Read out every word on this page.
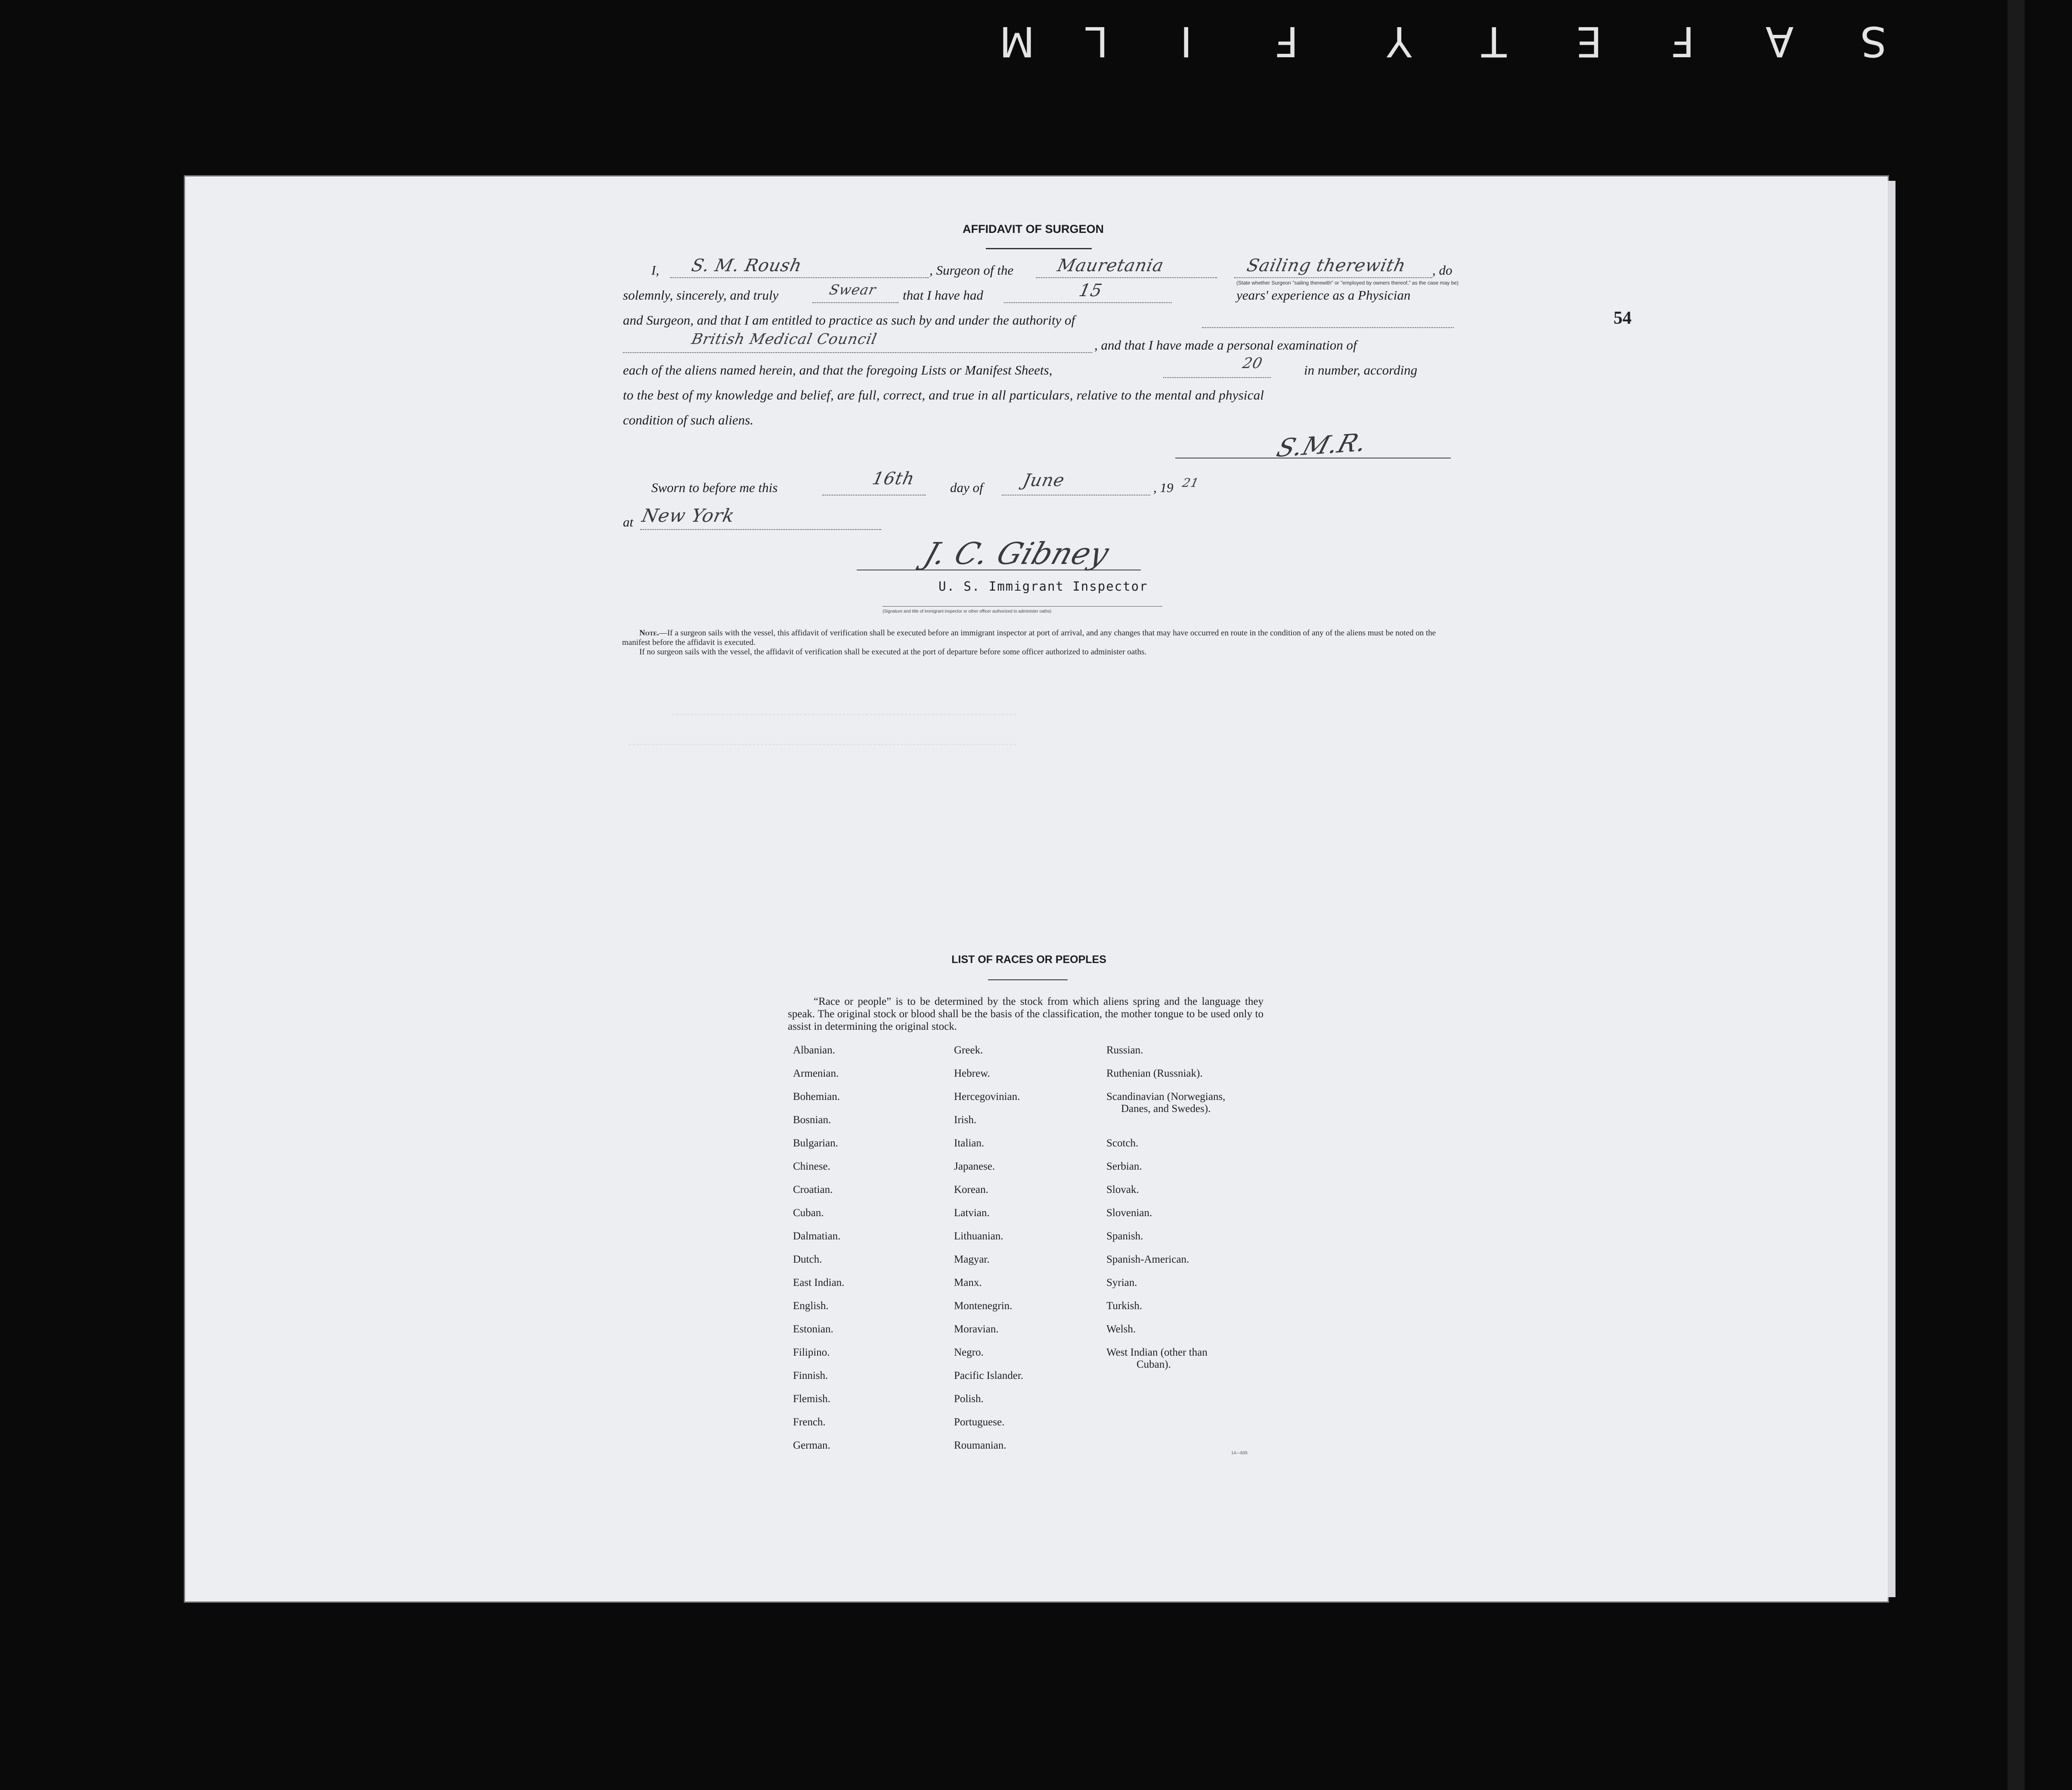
M L I F Y T E F A S
54
AFFIDAVIT OF SURGEON
I, S. M. Roush	, Surgeon of the Mauretania	Sailing therewith , do
(State whether Surgeon "sailing therewith" or "employed by owners thereof," as the case may be)
solemnly, sincerely, and truly	Swear that I have had	15	years' experience as a Physician
and Surgeon, and that I am entitled to practice as such by and under the authority of
British Medical Council	, and that I have made a personal examination of
each of the aliens named herein, and that the foregoing Lists or Manifest Sheets,	20	in number, according
to the best of my knowledge and belief, are full, correct, and true in all particulars, relative to the mental and physical
condition of such aliens.
S.M.R.
Sworn to before me this	16th	day of June	, 19 21
at New York
J. C. Gibney
U. S. Immigrant Inspector
(Signature and title of immigrant inspector or other officer authorized to administer oaths)
Note.—If a surgeon sails with the vessel, this affidavit of verification shall be executed before an immigrant inspector at port of arrival, and any changes that may have occurred en route in the condition of any of the aliens must be noted on the manifest before the affidavit is executed.
If no surgeon sails with the vessel, the affidavit of verification shall be executed at the port of departure before some officer authorized to administer oaths.
LIST OF RACES OR PEOPLES
“Race or people” is to be determined by the stock from which aliens spring and the language they speak. The original stock or blood shall be the basis of the classification, the mother tongue to be used only to assist in determining the original stock.
Albanian.
Armenian.
Bohemian.
Bosnian.
Bulgarian.
Chinese.
Croatian.
Cuban.
Dalmatian.
Dutch.
East Indian.
English.
Estonian.
Filipino.
Finnish.
Flemish.
French.
German.
Greek.
Hebrew.
Hercegovinian.
Irish.
Italian.
Japanese.
Korean.
Latvian.
Lithuanian.
Magyar.
Manx.
Montenegrin.
Moravian.
Negro.
Pacific Islander.
Polish.
Portuguese.
Roumanian.
Russian.
Ruthenian (Russniak).
Scandinavian (Norwegians,
Danes, and Swedes).
Scotch.
Serbian.
Slovak.
Slovenian.
Spanish.
Spanish-American.
Syrian.
Turkish.
Welsh.
West Indian (other than
Cuban).
14—835
